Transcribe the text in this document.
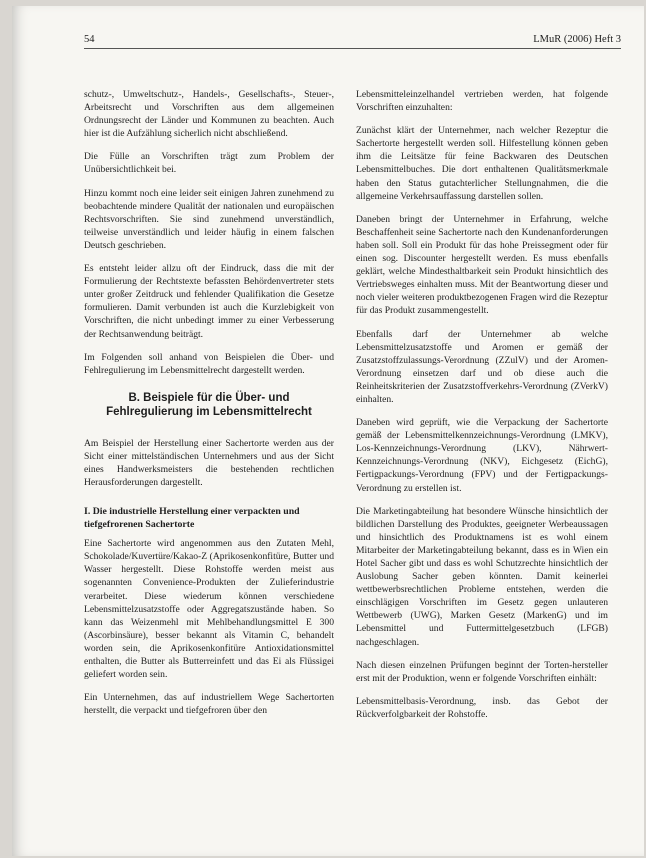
54	LMuR (2006) Heft 3

schutz-, Umweltschutz-, Handels-, Gesellschafts-, Steuer-, Arbeitsrecht und Vorschriften aus dem allgemeinen Ordnungsrecht der Länder und Kommunen zu beachten. Auch hier ist die Aufzählung sicherlich nicht abschließend.

Die Fülle an Vorschriften trägt zum Problem der Unübersichtlichkeit bei.

Hinzu kommt noch eine leider seit einigen Jahren zunehmend zu beobachtende mindere Qualität der nationalen und europäischen Rechtsvorschriften. Sie sind zunehmend unverständlich, teilweise unverständlich und leider häufig in einem falschen Deutsch geschrieben.

Es entsteht leider allzu oft der Eindruck, dass die mit der Formulierung der Rechtstexte befassten Behördenvertreter stets unter großer Zeitdruck und fehlender Qualifikation die Gesetze formulieren. Damit verbunden ist auch die Kurzlebigkeit von Vorschriften, die nicht unbedingt immer zu einer Verbesserung der Rechtsanwendung beiträgt.

Im Folgenden soll anhand von Beispielen die Über- und Fehlregulierung im Lebensmittelrecht dargestellt werden.

B. Beispiele für die Über- und Fehlregulierung im Lebensmittelrecht

Am Beispiel der Herstellung einer Sachertorte werden aus der Sicht einer mittelständischen Unternehmers und aus der Sicht eines Handwerksmeisters die bestehenden rechtlichen Herausforderungen dargestellt.

I. Die industrielle Herstellung einer verpackten und tiefgefrorenen Sachertorte

Eine Sachertorte wird angenommen aus den Zutaten Mehl, Schokolade/Kuvertüre/Kakao-Z (Aprikosenkonfitüre, Butter und Wasser hergestellt. Diese Rohstoffe werden meist aus sogenannten Convenience-Produkten der Zulieferindustrie verarbeitet. Diese wiederum können verschiedene Lebensmittelzusatzstoffe oder Aggregatszustände haben. So kann das Weizenmehl mit Mehlbehandlungsmittel E 300 (Ascorbinsäure), besser bekannt als Vitamin C, behandelt worden sein, die Aprikosenkonfitüre Antioxidationsmittel enthalten, die Butter als Butterreinfett und das Ei als Flüssigei geliefert worden sein.

Ein Unternehmen, das auf industriellem Wege Sachertorten herstellt, die verpackt und tiefgefroren über den

Lebensmitteleinzelhandel vertrieben werden, hat folgende Vorschriften einzuhalten:

Zunächst klärt der Unternehmer, nach welcher Rezeptur die Sachertorte hergestellt werden soll. Hilfestellung können geben ihm die Leitsätze für feine Backwaren des Deutschen Lebensmittelbuches. Die dort enthaltenen Qualitätsmerkmale haben den Status gutachterlicher Stellungnahmen, die die allgemeine Verkehrsauffassung darstellen sollen.

Daneben bringt der Unternehmer in Erfahrung, welche Beschaffenheit seine Sachertorte nach den Kundenanforderungen haben soll. Soll ein Produkt für das hohe Preissegment oder für einen sog. Discounter hergestellt werden. Es muss ebenfalls geklärt, welche Mindesthaltbarkeit sein Produkt hinsichtlich des Vertriebsweges einhalten muss. Mit der Beantwortung dieser und noch vieler weiteren produktbezogenen Fragen wird die Rezeptur für das Produkt zusammengestellt.

Ebenfalls darf der Unternehmer ab welche Lebensmittelzusatzstoffe und Aromen er gemäß der Zusatzstoffzulassungs-Verordnung (ZZulV) und der Aromen-Verordnung einsetzen darf und ob diese auch die Reinheitskriterien der Zusatzstoffverkehrs-Verordnung (ZVerkV) einhalten.

Daneben wird geprüft, wie die Verpackung der Sachertorte gemäß der Lebensmittelkennzeichnungs-Verordnung (LMKV), Los-Kennzeichnungs-Verordnung (LKV), Nährwert-Kennzeichnungs-Verordnung (NKV), Eichgesetz (EichG), Fertigpackungs-Verordnung (FPV) und der Fertigpackungs-Verordnung zu erstellen ist.

Die Marketingabteilung hat besondere Wünsche hinsichtlich der bildlichen Darstellung des Produktes, geeigneter Werbeaussagen und hinsichtlich des Produktnamens ist es wohl einem Mitarbeiter der Marketingabteilung bekannt, dass es in Wien ein Hotel Sacher gibt und dass es wohl Schutzrechte hinsichtlich der Auslobung Sacher geben könnten. Damit keinerlei wettbewerbsrechtlichen Probleme entstehen, werden die einschlägigen Vorschriften im Gesetz gegen unlauteren Wettbewerb (UWG), Marken Gesetz (MarkenG) und im Lebensmittel und Futtermittelgesetzbuch (LFGB) nachgeschlagen.

Nach diesen einzelnen Prüfungen beginnt der Torten-hersteller erst mit der Produktion, wenn er folgende Vorschriften einhält:

Lebensmittelbasis-Verordnung, insb. das Gebot der Rückverfolgbarkeit der Rohstoffe.
